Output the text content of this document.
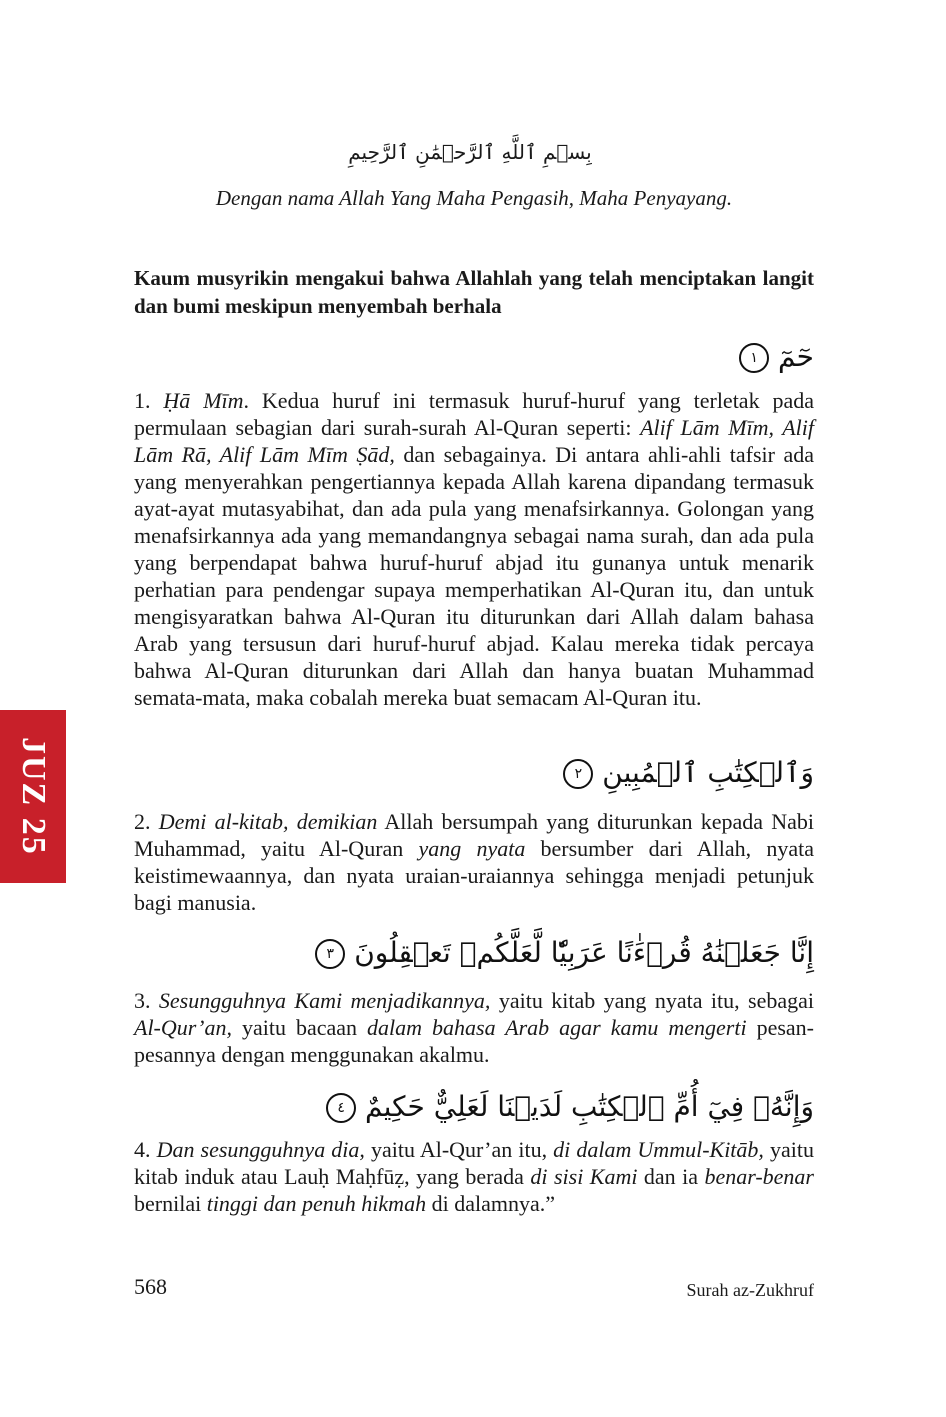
JUZ 25
بِسۡمِ ٱللَّهِ ٱلرَّحۡمَٰنِ ٱلرَّحِيمِ
Dengan nama Allah Yang Maha Pengasih, Maha Penyayang.
Kaum musyrikin mengakui bahwa Allahlah yang telah menciptakan langit dan bumi meskipun menyembah berhala
حٓمٓ ١

1. Ḥā Mīm. Kedua huruf ini termasuk huruf-huruf yang terletak pada permulaan sebagian dari surah-surah Al-Quran seperti: Alif Lām Mīm, Alif Lām Rā, Alif Lām Mīm Ṣād, dan sebagainya. Di antara ahli-ahli tafsir ada yang menyerahkan pengertiannya kepada Allah karena dipandang termasuk ayat-ayat mutasyabihat, dan ada pula yang menafsirkannya. Golongan yang menafsirkannya ada yang memandangnya sebagai nama surah, dan ada pula yang berpendapat bahwa huruf-huruf abjad itu gunanya untuk menarik perhatian para pendengar supaya memperhatikan Al-Quran itu, dan untuk mengisyaratkan bahwa Al-Quran itu diturunkan dari Allah dalam bahasa Arab yang tersusun dari huruf-huruf abjad. Kalau mereka tidak percaya bahwa Al-Quran diturunkan dari Allah dan hanya buatan Muhammad semata-mata, maka cobalah mereka buat semacam Al-Quran itu.

وَٱلۡكِتَٰبِ ٱلۡمُبِينِ ٢

2. Demi al-kitab, demikian Allah bersumpah yang diturunkan kepada Nabi Muhammad, yaitu Al-Quran yang nyata bersumber dari Allah, nyata keistimewaannya, dan nyata uraian-uraiannya sehingga menjadi petunjuk bagi manusia.

إِنَّا جَعَلۡنَٰهُ قُرۡءَٰنًا عَرَبِيّٗا لَّعَلَّكُمۡ تَعۡقِلُونَ ٣

3. Sesungguhnya Kami menjadikannya, yaitu kitab yang nyata itu, sebagai Al-Qur’an, yaitu bacaan dalam bahasa Arab agar kamu mengerti pesan-pesannya dengan menggunakan akalmu.

وَإِنَّهُۥ فِيٓ أُمِّ ٱلۡكِتَٰبِ لَدَيۡنَا لَعَلِيٌّ حَكِيمٌ ٤

4. Dan sesungguhnya dia, yaitu Al-Qur’an itu, di dalam Ummul-Kitāb, yaitu kitab induk atau Lauḥ Maḥfūẓ, yang berada di sisi Kami dan ia benar-benar bernilai tinggi dan penuh hikmah di dalamnya.”

568	Surah az-Zukhruf
